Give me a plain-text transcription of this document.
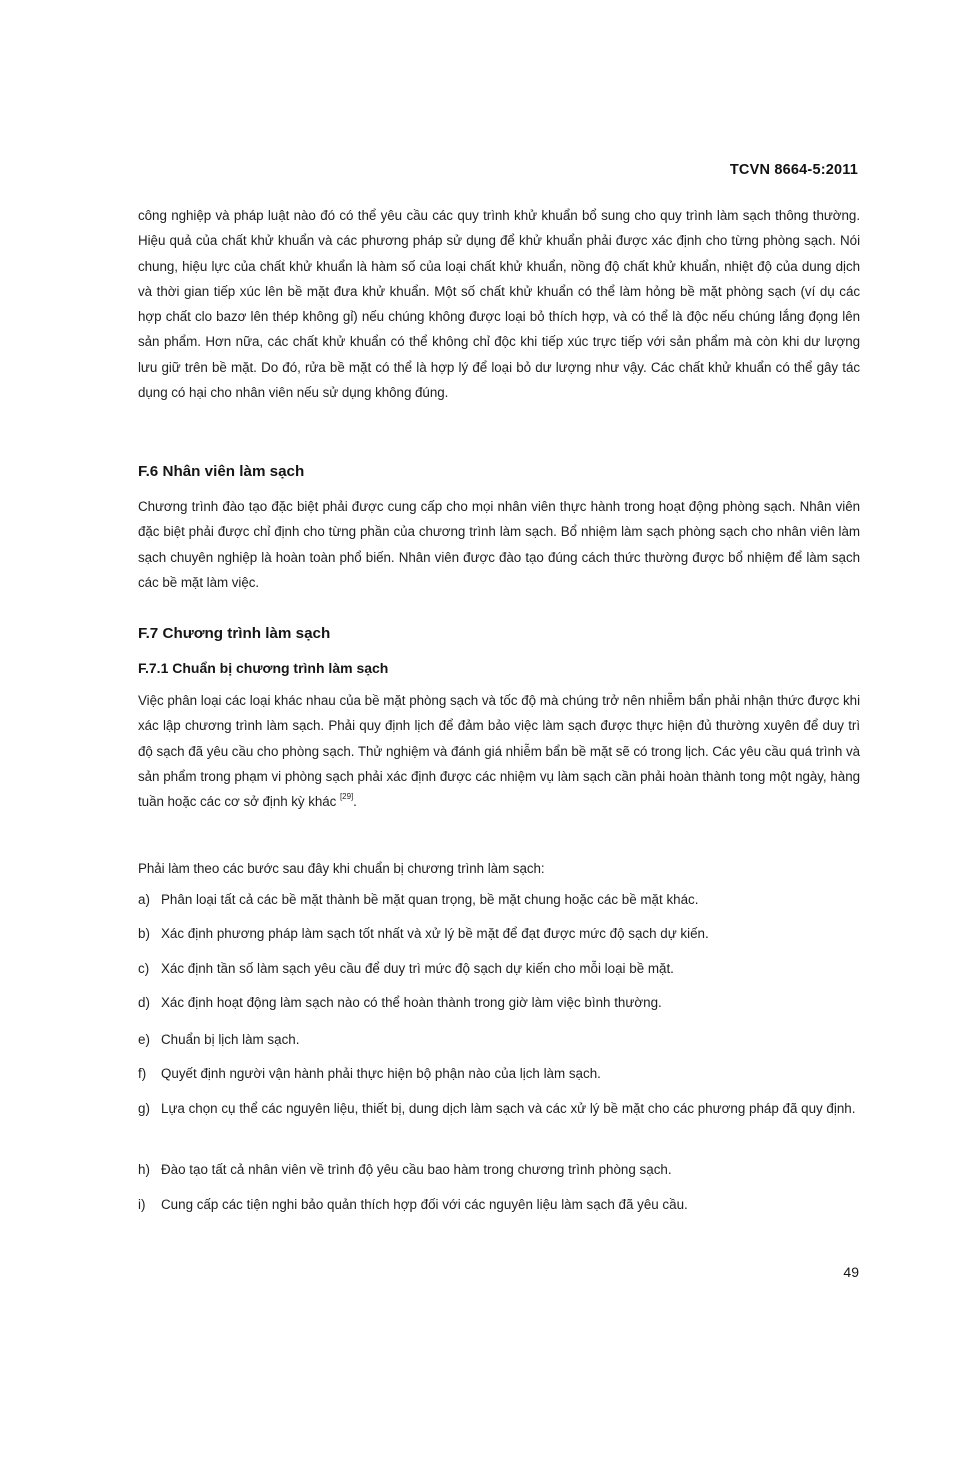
TCVN 8664-5:2011
công nghiệp và pháp luật nào đó có thể yêu cầu các quy trình khử khuẩn bổ sung cho quy trình làm sạch thông thường. Hiệu quả của chất khử khuẩn và các phương pháp sử dụng để khử khuẩn phải được xác định cho từng phòng sạch. Nói chung, hiệu lực của chất khử khuẩn là hàm số của loại chất khử khuẩn, nồng độ chất khử khuẩn, nhiệt độ của dung dịch và thời gian tiếp xúc lên bề mặt đưa khử khuẩn. Một số chất khử khuẩn có thể làm hỏng bề mặt phòng sạch (ví dụ các hợp chất clo bazơ lên thép không gỉ) nếu chúng không được loại bỏ thích hợp, và có thể là độc nếu chúng lắng đọng lên sản phẩm. Hơn nữa, các chất khử khuẩn có thể không chỉ độc khi tiếp xúc trực tiếp với sản phẩm mà còn khi dư lượng lưu giữ trên bề mặt. Do đó, rửa bề mặt có thể là hợp lý để loại bỏ dư lượng như vậy. Các chất khử khuẩn có thể gây tác dụng có hại cho nhân viên nếu sử dụng không đúng.
F.6 Nhân viên làm sạch
Chương trình đào tạo đặc biệt phải được cung cấp cho mọi nhân viên thực hành trong hoạt động phòng sạch. Nhân viên đặc biệt phải được chỉ định cho từng phần của chương trình làm sạch. Bổ nhiệm làm sạch phòng sạch cho nhân viên làm sạch chuyên nghiệp là hoàn toàn phổ biến. Nhân viên được đào tạo đúng cách thức thường được bổ nhiệm để làm sạch các bề mặt làm việc.
F.7 Chương trình làm sạch
F.7.1 Chuẩn bị chương trình làm sạch
Việc phân loại các loại khác nhau của bề mặt phòng sạch và tốc độ mà chúng trở nên nhiễm bẩn phải nhận thức được khi xác lập chương trình làm sạch. Phải quy định lịch để đảm bảo việc làm sạch được thực hiện đủ thường xuyên để duy trì độ sạch đã yêu cầu cho phòng sạch. Thử nghiệm và đánh giá nhiễm bẩn bề mặt sẽ có trong lịch. Các yêu cầu quá trình và sản phẩm trong phạm vi phòng sạch phải xác định được các nhiệm vụ làm sạch cần phải hoàn thành tong một ngày, hàng tuần hoặc các cơ sở định kỳ khác [29].
Phải làm theo các bước sau đây khi chuẩn bị chương trình làm sạch:
a) Phân loại tất cả các bề mặt thành bề mặt quan trọng, bề mặt chung hoặc các bề mặt khác.
b) Xác định phương pháp làm sạch tốt nhất và xử lý bề mặt để đạt được mức độ sạch dự kiến.
c) Xác định tần số làm sạch yêu cầu để duy trì mức độ sạch dự kiến cho mỗi loại bề mặt.
d) Xác định hoạt động làm sạch nào có thể hoàn thành trong giờ làm việc bình thường.
e) Chuẩn bị lịch làm sạch.
f)	Quyết định người vận hành phải thực hiện bộ phận nào của lịch làm sạch.
g) Lựa chọn cụ thể các nguyên liệu, thiết bị, dung dịch làm sạch và các xử lý bề mặt cho các phương pháp đã quy định.
h) Đào tạo tất cả nhân viên về trình độ yêu cầu bao hàm trong chương trình phòng sạch.
i)	Cung cấp các tiện nghi bảo quản thích hợp đối với các nguyên liệu làm sạch đã yêu cầu.
49
